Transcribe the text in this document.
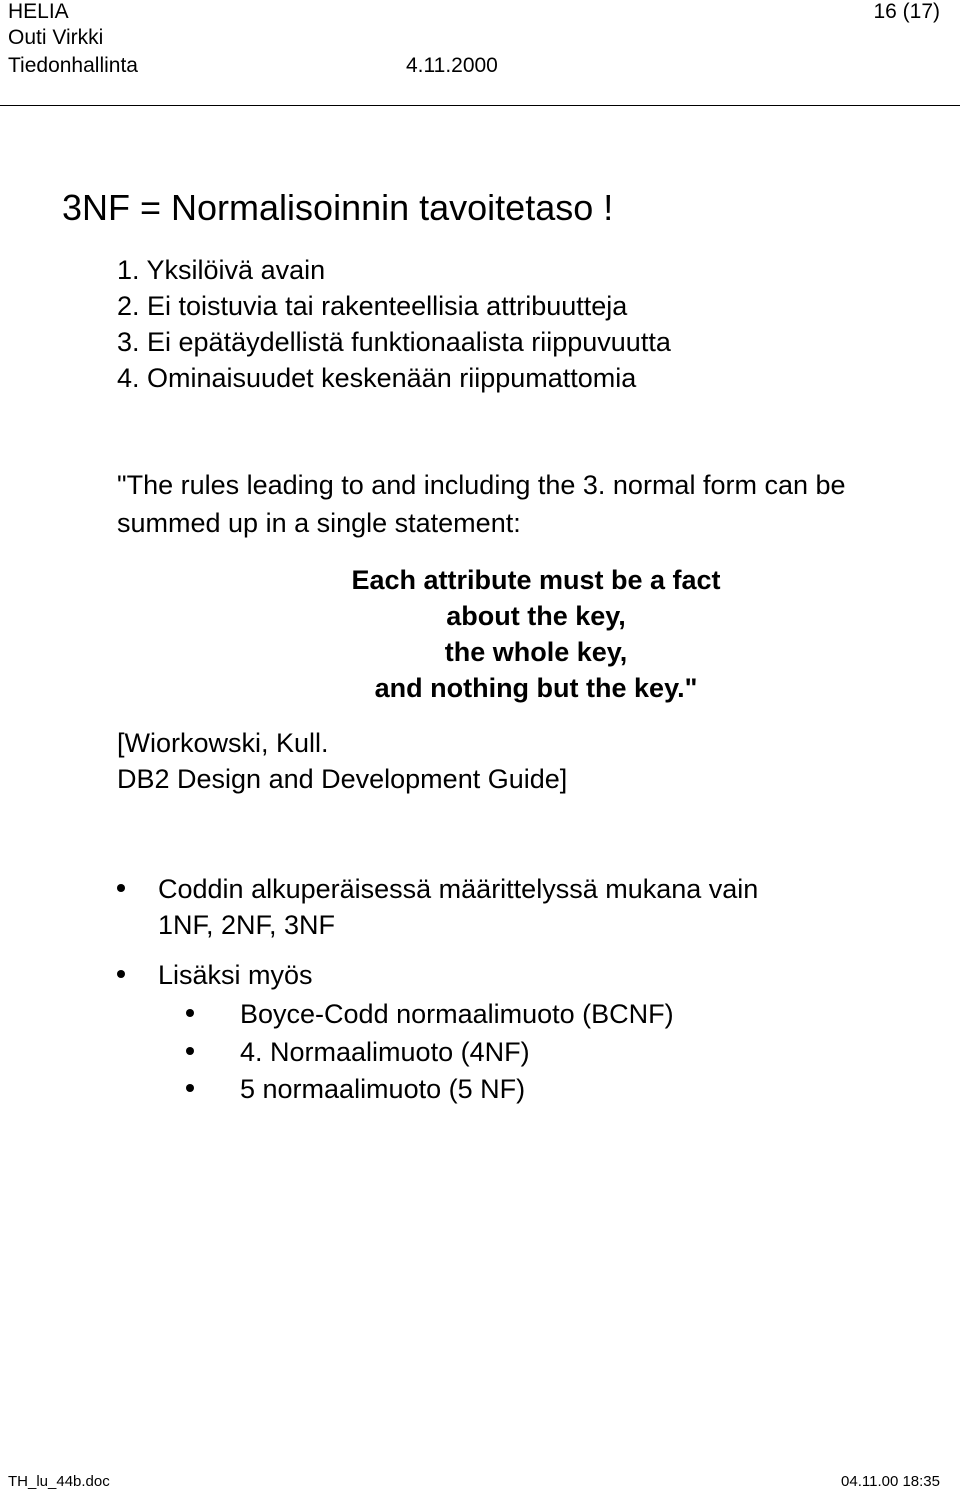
HELIA
Outi Virkki
Tiedonhallinta	4.11.2000
16 (17)
3NF = Normalisoinnin tavoitetaso !
1. Yksilöivä avain
2. Ei toistuvia tai rakenteellisia attribuutteja
3. Ei epätäydellistä funktionaalista riippuvuutta
4. Ominaisuudet keskenään riippumattomia
"The rules leading to and including the 3. normal form can be
summed up in a single statement:
Each attribute must be a fact
about the key,
the whole key,
and nothing but the key."
[Wiorkowski, Kull.
DB2 Design and Development Guide]
Coddin alkuperäisessä määrittelyssä mukana vain
1NF, 2NF, 3NF
Lisäksi myös
Boyce-Codd normaalimuoto (BCNF)
4. Normaalimuoto (4NF)
5 normaalimuoto (5 NF)
TH_lu_44b.doc	04.11.00 18:35
